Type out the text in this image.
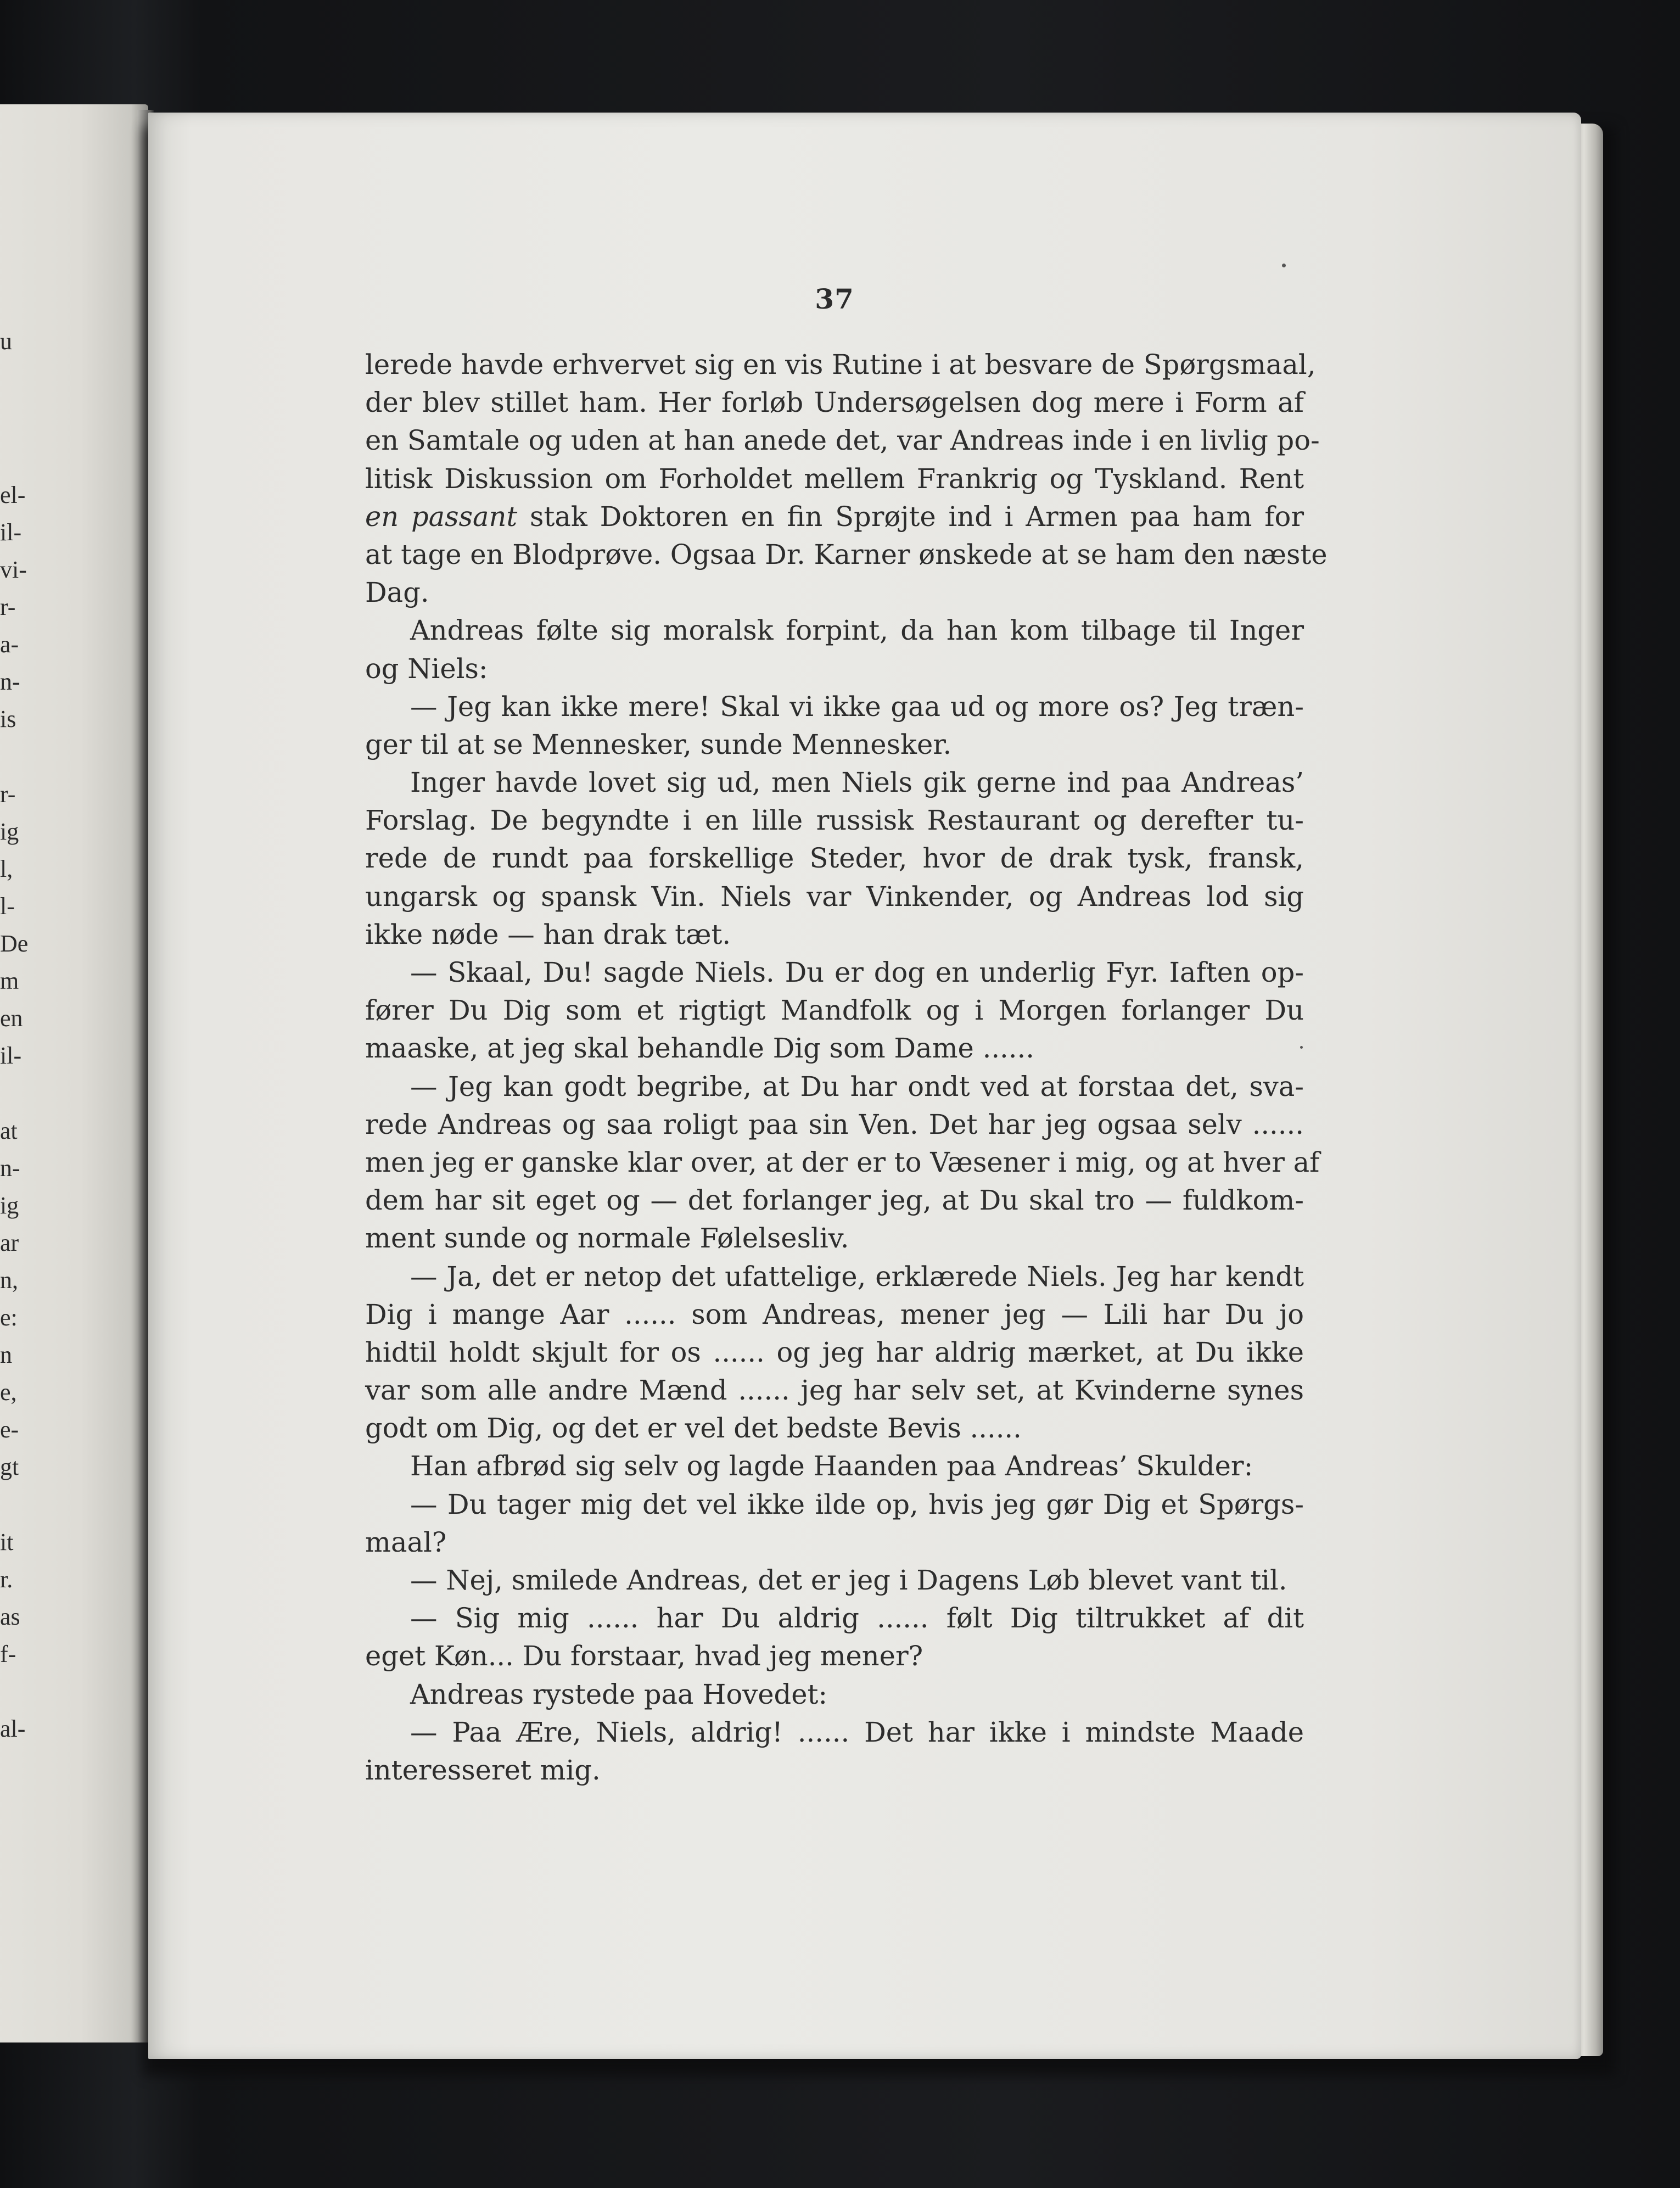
u
el-
il-
vi-
r-
a-
n-
is
r-
ig
l,
l-
De
m
en
il-
at
n-
ig
ar
n,
e:
n
e,
e-
gt
it
r.
as
f-
al-
37
lerede havde erhvervet sig en vis Rutine i at besvare de Spørgsmaal,
der blev stillet ham. Her forløb Undersøgelsen dog mere i Form af
en Samtale og uden at han anede det, var Andreas inde i en livlig po-
litisk Diskussion om Forholdet mellem Frankrig og Tyskland. Rent
en passant stak Doktoren en fin Sprøjte ind i Armen paa ham for
at tage en Blodprøve. Ogsaa Dr. Karner ønskede at se ham den næste
Dag.
Andreas følte sig moralsk forpint, da han kom tilbage til Inger
og Niels:
— Jeg kan ikke mere! Skal vi ikke gaa ud og more os? Jeg træn-
ger til at se Mennesker, sunde Mennesker.
Inger havde lovet sig ud, men Niels gik gerne ind paa Andreas’
Forslag. De begyndte i en lille russisk Restaurant og derefter tu-
rede de rundt paa forskellige Steder, hvor de drak tysk, fransk,
ungarsk og spansk Vin. Niels var Vinkender, og Andreas lod sig
ikke nøde — han drak tæt.
— Skaal, Du! sagde Niels. Du er dog en underlig Fyr. Iaften op-
fører Du Dig som et rigtigt Mandfolk og i Morgen forlanger Du
maaske, at jeg skal behandle Dig som Dame ......
— Jeg kan godt begribe, at Du har ondt ved at forstaa det, sva-
rede Andreas og saa roligt paa sin Ven. Det har jeg ogsaa selv ......
men jeg er ganske klar over, at der er to Væsener i mig, og at hver af
dem har sit eget og — det forlanger jeg, at Du skal tro — fuldkom-
ment sunde og normale Følelsesliv.
— Ja, det er netop det ufattelige, erklærede Niels. Jeg har kendt
Dig i mange Aar ...... som Andreas, mener jeg — Lili har Du jo
hidtil holdt skjult for os ...... og jeg har aldrig mærket, at Du ikke
var som alle andre Mænd ...... jeg har selv set, at Kvinderne synes
godt om Dig, og det er vel det bedste Bevis ......
Han afbrød sig selv og lagde Haanden paa Andreas’ Skulder:
— Du tager mig det vel ikke ilde op, hvis jeg gør Dig et Spørgs-
maal?
— Nej, smilede Andreas, det er jeg i Dagens Løb blevet vant til.
— Sig mig ...... har Du aldrig ...... følt Dig tiltrukket af dit
eget Køn... Du forstaar, hvad jeg mener?
Andreas rystede paa Hovedet:
— Paa Ære, Niels, aldrig! ...... Det har ikke i mindste Maade
interesseret mig.
